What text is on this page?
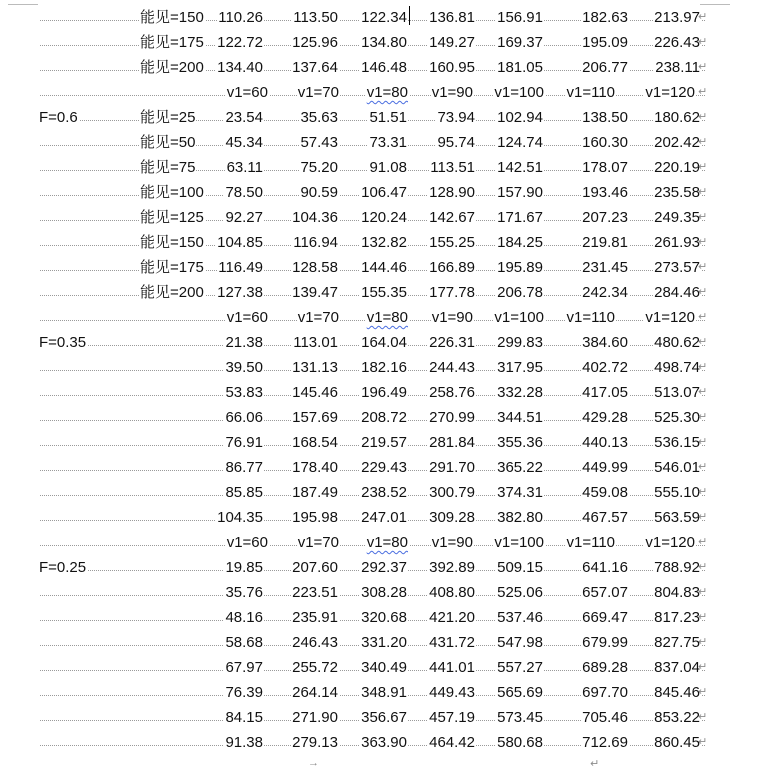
→	↵
能见=150 110.26 113.50 122.34 136.81 156.91	182.63 213.97
↵
能见=175 122.72 125.96 134.80 149.27 169.37	195.09 226.43
↵
能见=200 134.40 137.64 146.48 160.95 181.05	206.77 238.11
↵
v1=60 v1=70 v1=80 v1=90 v1=100 v1=110 v1=120 ↵
F=0.6	能见=25 23.54 35.63 51.51 73.94 102.94	138.50 180.62
↵
能见=50 45.34 57.43 73.31 95.74 124.74	160.30 202.42
↵
能见=75 63.11 75.20 91.08 113.51 142.51	178.07 220.19
↵
能见=100 78.50 90.59 106.47 128.90 157.90	193.46 235.58
↵
能见=125 92.27 104.36 120.24 142.67 171.67	207.23 249.35
↵
能见=150 104.85 116.94 132.82 155.25 184.25	219.81 261.93
↵
能见=175 116.49 128.58 144.46 166.89 195.89	231.45 273.57
↵
能见=200 127.38 139.47 155.35 177.78 206.78	242.34 284.46
↵
v1=60 v1=70 v1=80 v1=90 v1=100 v1=110 v1=120 ↵
F=0.35	21.38 113.01 164.04 226.31 299.83	384.60 480.62
↵
39.50 131.13 182.16 244.43 317.95	402.72 498.74
↵
53.83 145.46 196.49 258.76 332.28	417.05 513.07
↵
66.06 157.69 208.72 270.99 344.51	429.28 525.30
↵
76.91 168.54 219.57 281.84 355.36	440.13 536.15
↵
86.77 178.40 229.43 291.70 365.22	449.99 546.01
↵
85.85 187.49 238.52 300.79 374.31	459.08 555.10
↵
104.35 195.98 247.01 309.28 382.80	467.57 563.59
↵
v1=60 v1=70 v1=80 v1=90 v1=100 v1=110 v1=120 ↵
F=0.25	19.85 207.60 292.37 392.89 509.15	641.16 788.92
↵
35.76 223.51 308.28 408.80 525.06	657.07 804.83
↵
48.16 235.91 320.68 421.20 537.46	669.47 817.23
↵
58.68 246.43 331.20 431.72 547.98	679.99 827.75
↵
67.97 255.72 340.49 441.01 557.27	689.28 837.04
↵
76.39 264.14 348.91 449.43 565.69	697.70 845.46
↵
84.15 271.90 356.67 457.19 573.45	705.46 853.22
↵
91.38 279.13 363.90 464.42 580.68	712.69 860.45
↵
